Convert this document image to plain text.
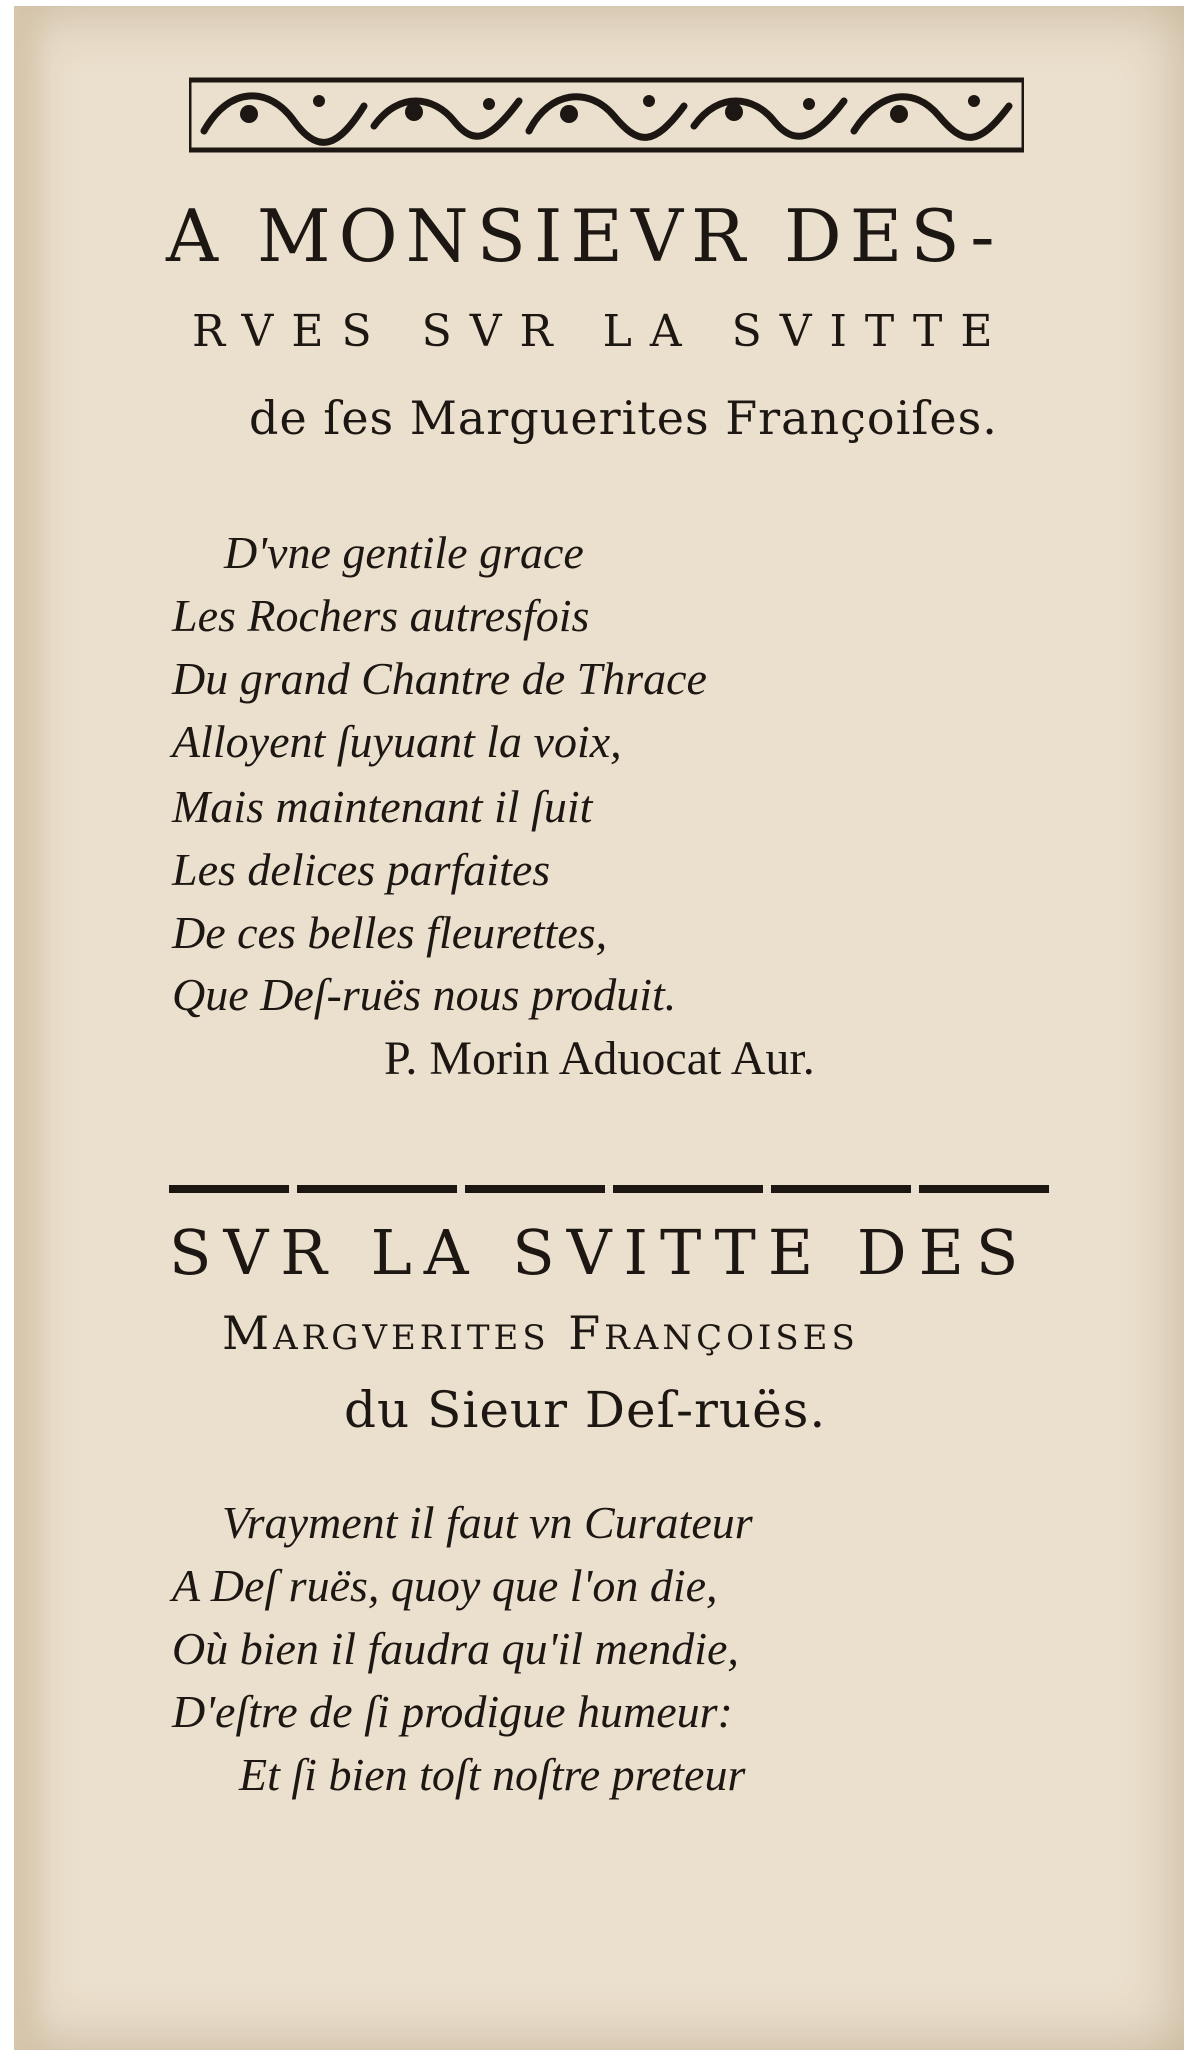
A MONSIEVR DES-

RVES SVR LA SVITTE

de ſes Marguerites Françoiſes.

D'vne gentile grace

Les Rochers autresfois

Du grand Chantre de Thrace

Alloyent ſuyuant la voix,

Mais maintenant il ſuit

Les delices parfaites

De ces belles fleurettes,

Que Deſ-ruës nous produit.

P. Morin Aduocat Aur.

SVR LA SVITTE DES

MARGVERITES FRANÇOISES

du Sieur Deſ-ruës.

Vrayment il faut vn Curateur

A Deſ ruës, quoy que l'on die,

Où bien il faudra qu'il mendie,

D'eſtre de ſi prodigue humeur:

Et ſi bien toſt noſtre preteur
